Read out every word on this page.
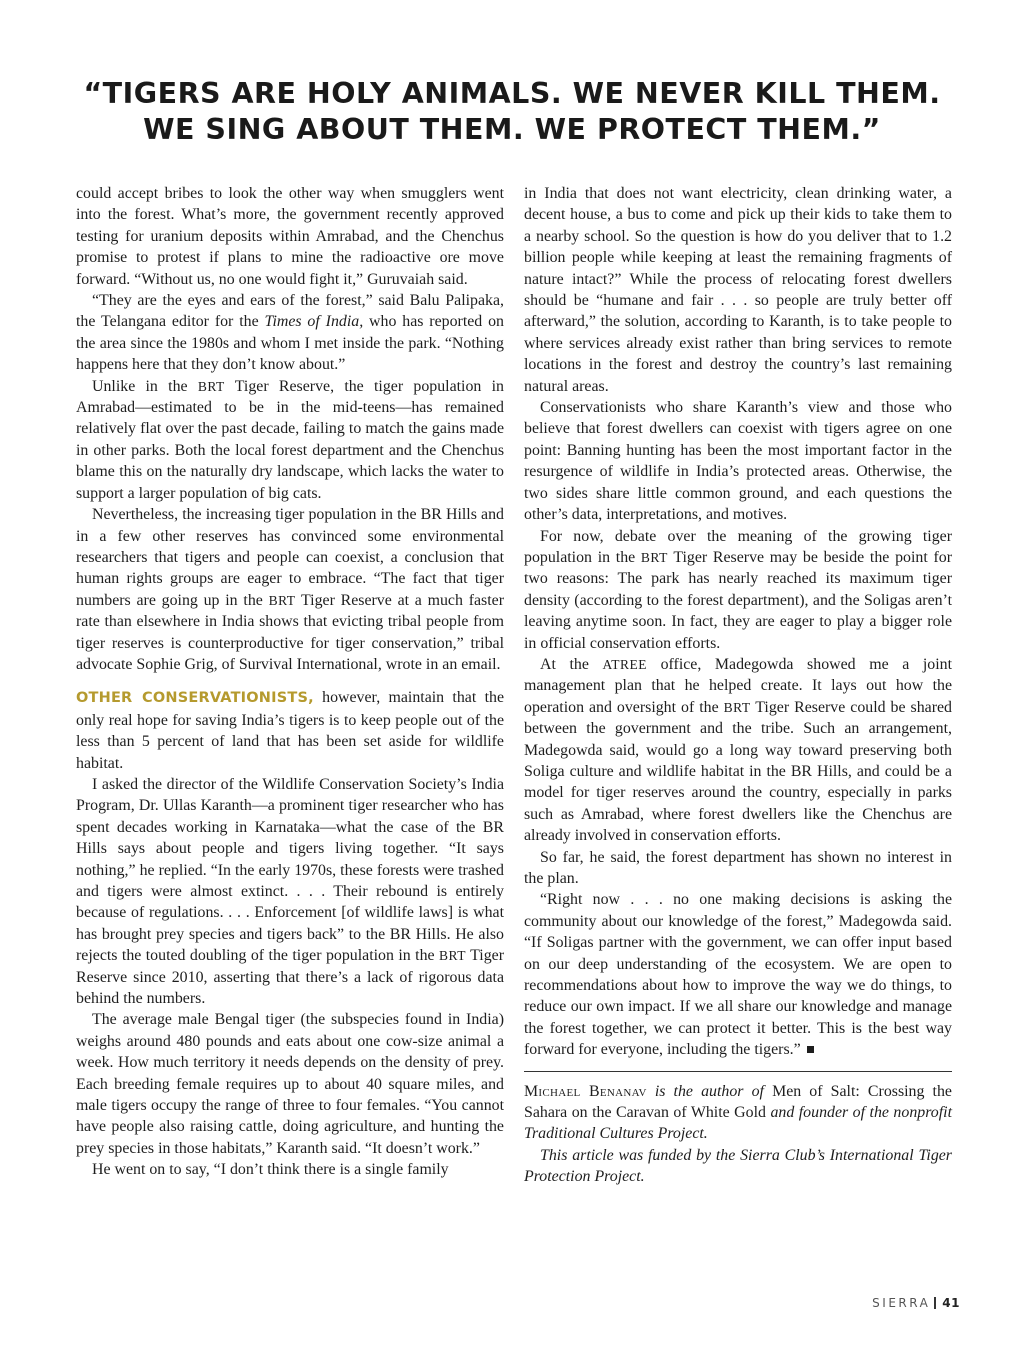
“TIGERS ARE HOLY ANIMALS. WE NEVER KILL THEM.
WE SING ABOUT THEM. WE PROTECT THEM.”

could accept bribes to look the other way when smugglers went into the forest. What’s more, the government recently approved testing for uranium deposits within Amrabad, and the Chenchus promise to protest if plans to mine the radioactive ore move forward. “Without us, no one would fight it,” Guruvaiah said.

“They are the eyes and ears of the forest,” said Balu Palipaka, the Telangana editor for the Times of India, who has reported on the area since the 1980s and whom I met inside the park. “Nothing happens here that they don’t know about.”

Unlike in the BRT Tiger Reserve, the tiger population in Amrabad—estimated to be in the mid-teens—has remained relatively flat over the past decade, failing to match the gains made in other parks. Both the local forest department and the Chenchus blame this on the naturally dry landscape, which lacks the water to support a larger population of big cats.

Nevertheless, the increasing tiger population in the BR Hills and in a few other reserves has convinced some environmental researchers that tigers and people can coexist, a conclusion that human rights groups are eager to embrace. “The fact that tiger numbers are going up in the BRT Tiger Reserve at a much faster rate than elsewhere in India shows that evicting tribal people from tiger reserves is counterproductive for tiger conservation,” tribal advocate Sophie Grig, of Survival International, wrote in an email.

OTHER CONSERVATIONISTS, however, maintain that the only real hope for saving India’s tigers is to keep people out of the less than 5 percent of land that has been set aside for wildlife habitat.

I asked the director of the Wildlife Conservation Society’s India Program, Dr. Ullas Karanth—a prominent tiger researcher who has spent decades working in Karnataka—what the case of the BR Hills says about people and tigers living together. “It says nothing,” he replied. “In the early 1970s, these forests were trashed and tigers were almost extinct. . . . Their rebound is entirely because of regulations. . . . Enforcement [of wildlife laws] is what has brought prey species and tigers back” to the BR Hills. He also rejects the touted doubling of the tiger population in the BRT Tiger Reserve since 2010, asserting that there’s a lack of rigorous data behind the numbers.

The average male Bengal tiger (the subspecies found in India) weighs around 480 pounds and eats about one cow-size animal a week. How much territory it needs depends on the density of prey. Each breeding female requires up to about 40 square miles, and male tigers occupy the range of three to four females. “You cannot have people also raising cattle, doing agriculture, and hunting the prey species in those habitats,” Karanth said. “It doesn’t work.”

He went on to say, “I don’t think there is a single family

in India that does not want electricity, clean drinking water, a decent house, a bus to come and pick up their kids to take them to a nearby school. So the question is how do you deliver that to 1.2 billion people while keeping at least the remaining fragments of nature intact?” While the process of relocating forest dwellers should be “humane and fair . . . so people are truly better off afterward,” the solution, according to Karanth, is to take people to where services already exist rather than bring services to remote locations in the forest and destroy the country’s last remaining natural areas.

Conservationists who share Karanth’s view and those who believe that forest dwellers can coexist with tigers agree on one point: Banning hunting has been the most important factor in the resurgence of wildlife in India’s protected areas. Otherwise, the two sides share little common ground, and each questions the other’s data, interpretations, and motives.

For now, debate over the meaning of the growing tiger population in the BRT Tiger Reserve may be beside the point for two reasons: The park has nearly reached its maximum tiger density (according to the forest department), and the Soligas aren’t leaving anytime soon. In fact, they are eager to play a bigger role in official conservation efforts.

At the ATREE office, Madegowda showed me a joint management plan that he helped create. It lays out how the operation and oversight of the BRT Tiger Reserve could be shared between the government and the tribe. Such an arrangement, Madegowda said, would go a long way toward preserving both Soliga culture and wildlife habitat in the BR Hills, and could be a model for tiger reserves around the country, especially in parks such as Amrabad, where forest dwellers like the Chenchus are already involved in conservation efforts.

So far, he said, the forest department has shown no interest in the plan.

“Right now . . . no one making decisions is asking the community about our knowledge of the forest,” Madegowda said. “If Soligas partner with the government, we can offer input based on our deep understanding of the ecosystem. We are open to recommendations about how to improve the way we do things, to reduce our own impact. If we all share our knowledge and manage the forest together, we can protect it better. This is the best way forward for everyone, including the tigers.”

Michael Benanav is the author of Men of Salt: Crossing the Sahara on the Caravan of White Gold and founder of the nonprofit Traditional Cultures Project.

This article was funded by the Sierra Club’s International Tiger Protection Project.

SIERRA 41
